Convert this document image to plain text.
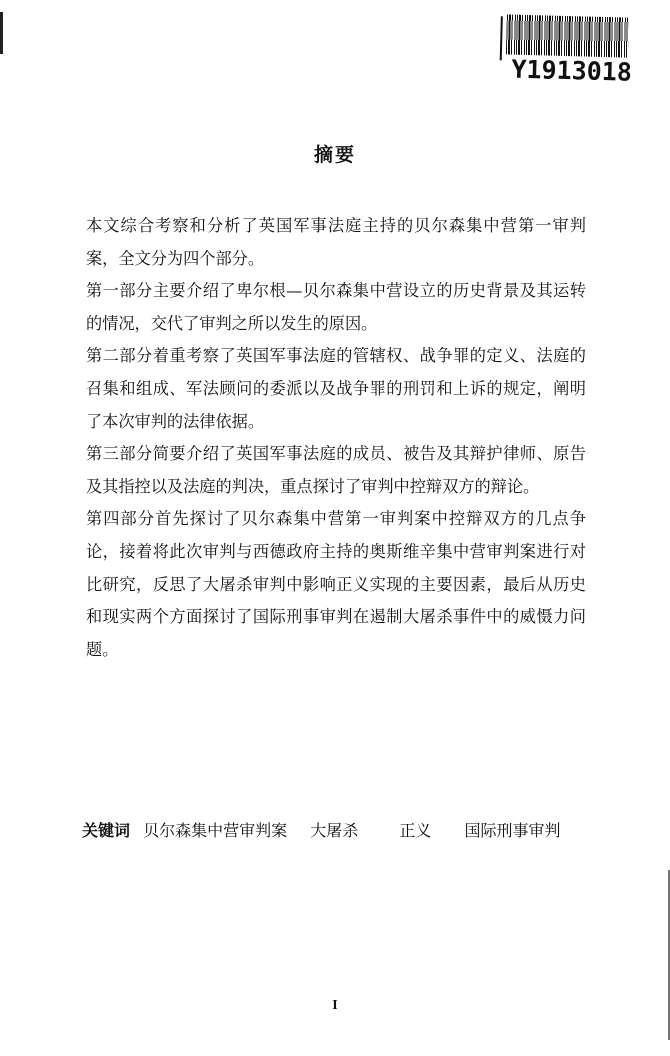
Y1913018
摘要

本文综合考察和分析了英国军事法庭主持的贝尔森集中营第一审判案，全文分为四个部分。

第一部分主要介绍了卑尔根—贝尔森集中营设立的历史背景及其运转的情况，交代了审判之所以发生的原因。

第二部分着重考察了英国军事法庭的管辖权、战争罪的定义、法庭的召集和组成、军法顾问的委派以及战争罪的刑罚和上诉的规定，阐明了本次审判的法律依据。

第三部分简要介绍了英国军事法庭的成员、被告及其辩护律师、原告及其指控以及法庭的判决，重点探讨了审判中控辩双方的辩论。

第四部分首先探讨了贝尔森集中营第一审判案中控辩双方的几点争论，接着将此次审判与西德政府主持的奥斯维辛集中营审判案进行对比研究，反思了大屠杀审判中影响正义实现的主要因素，最后从历史和现实两个方面探讨了国际刑事审判在遏制大屠杀事件中的威慑力问题。

关键词 贝尔森集中营审判案 大屠杀	正义 国际刑事审判
I
